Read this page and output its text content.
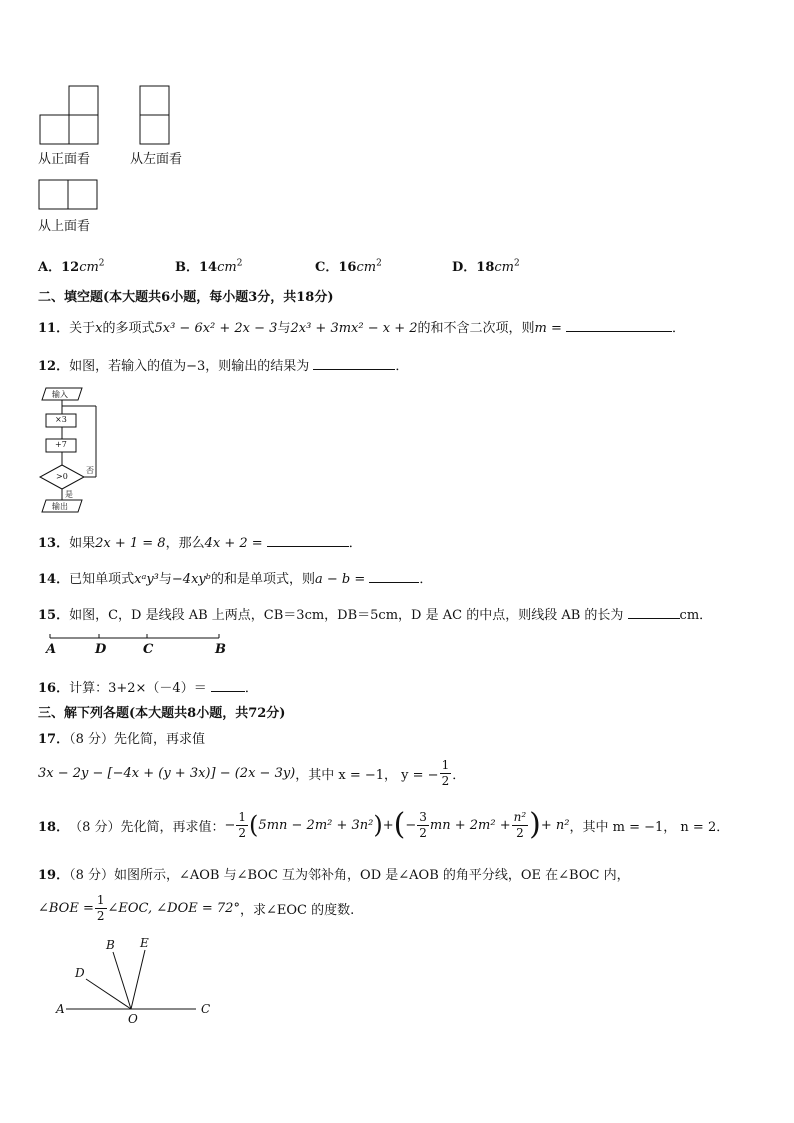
从正面看	从左面看
从上面看
A．$12cm^2$	B．$14cm^2$	C．$16cm^2$	D．$18cm^2$
二、填空题(本大题共6小题，每小题3分，共18分)
11．关于x的多项式5x³ − 6x² + 2x − 3与2x³ + 3mx² − x + 2的和不含二次项，则m =	．
12．如图，若输入的值为−3，则输出的结果为	．
输入
×3
+7
>0
否
是
输出
13．如果2x + 1 = 8，那么4x + 2 =	．
14．已知单项式xᵃy³与−4xyᵇ的和是单项式，则a − b =	．
15．如图，C，D 是线段 AB 上两点，CB＝3cm，DB＝5cm，D 是 AC 的中点，则线段 AB 的长为	cm．
A	D	C	B
16．计算：3+2×（－4）＝	．
三、解下列各题(本大题共8小题，共72分)
17．（8 分）先化简，再求值
3x − 2y − [−4x + (y + 3x)] − (2x − 3y) ，其中 x = −1， y = − $\frac{1}{2}$ ．
18． （8 分）先化简，再求值： − $\frac{1}{2}$ ( 5mn − 2m² + 3n² ) + ( − $\frac{3}{2}$ mn + $2m^2 + \frac{\text{n²}}{2}$ ) + n² ，其中 m = −1， n = 2．
19．（8 分）如图所示，∠AOB 与∠BOC 互为邻补角，OD 是∠AOB 的角平分线，OE 在∠BOC 内，
∠BOE = $\frac{1}{2}$ ∠EOC, ∠DOE = 72° ，求∠EOC 的度数.
A
B
C
D
E
O
